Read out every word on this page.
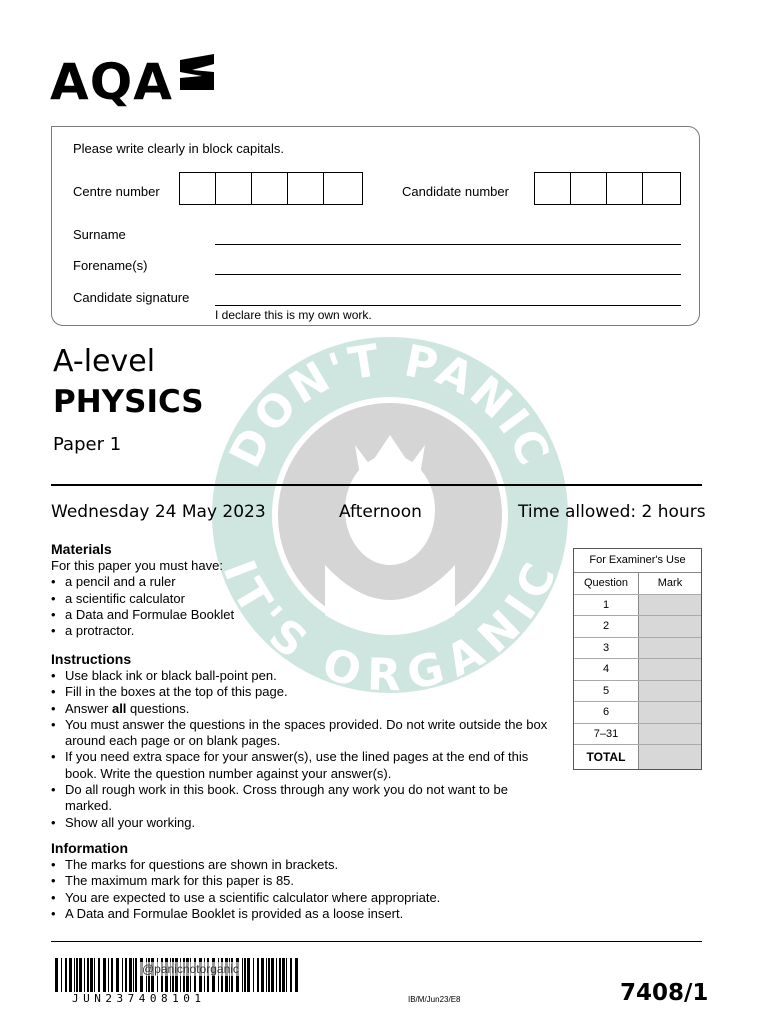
DON'T PANIC
IT'S ORGANIC
AQA
Please write clearly in block capitals.
Centre number	Candidate number
Surname
Forename(s)
Candidate signature
I declare this is my own work.
A-level
PHYSICS
Paper 1
Wednesday 24 May 2023	Afternoon	Time allowed: 2 hours
Materials

For this paper you must have:

• a pencil and a ruler
• a scientific calculator
• a Data and Formulae Booklet
• a protractor.
Instructions
• Use black ink or black ball-point pen.
• Fill in the boxes at the top of this page.
• Answer all questions.
• You must answer the questions in the spaces provided. Do not write outside the box around each page or on blank pages.
• If you need extra space for your answer(s), use the lined pages at the end of this book. Write the question number against your answer(s).
• Do all rough work in this book. Cross through any work you do not want to be marked.
• Show all your working.
Information
• The marks for questions are shown in brackets.
• The maximum mark for this paper is 85.
• You are expected to use a scientific calculator where appropriate.
• A Data and Formulae Booklet is provided as a loose insert.
For Examiner's Use
Question	Mark
1
2
3
4
5
6
7–31
TOTAL
@panicnotorganic
JUN237408101	IB/M/Jun23/E8	7408/1
